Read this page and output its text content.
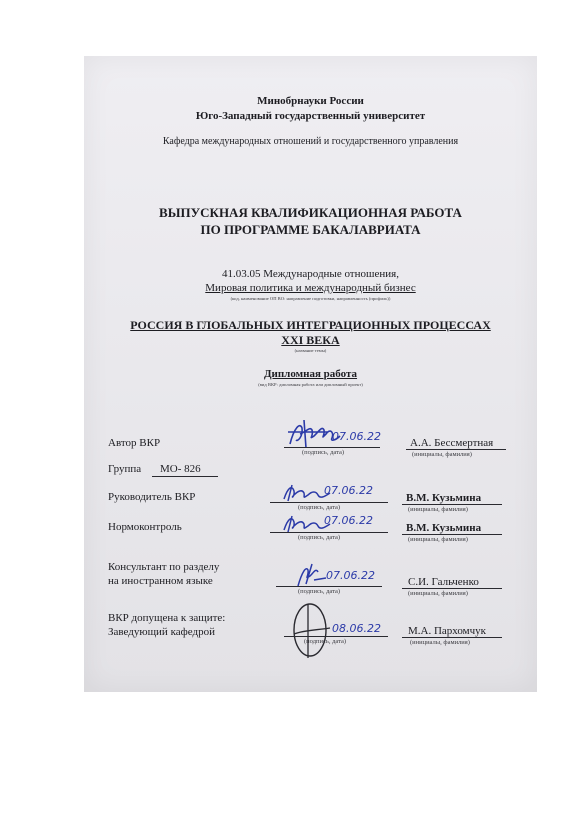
Минобрнауки России
Юго-Западный государственный университет
Кафедра международных отношений и государственного управления
ВЫПУСКНАЯ КВАЛИФИКАЦИОННАЯ РАБОТА
ПО ПРОГРАММЕ БАКАЛАВРИАТА
41.03.05 Международные отношения,
Мировая политика и международный бизнес
(код, наименование ОП ВО: направление подготовки, направленность (профиль))
РОССИЯ В ГЛОБАЛЬНЫХ ИНТЕГРАЦИОННЫХ ПРОЦЕССАХ
XXI ВЕКА
(название темы)
Дипломная работа
(вид ВКР: дипломная работа или дипломный проект)
Автор ВКР	07.06.22
(подпись, дата)
А.А. Бессмертная
(инициалы, фамилия)
Группа МО- 826
Руководитель ВКР	07.06.22
(подпись, дата)
В.М. Кузьмина
(инициалы, фамилия)
Нормоконтроль	07.06.22
(подпись, дата)
В.М. Кузьмина
(инициалы, фамилия)
Консультант по разделу
на иностранном языке	07.06.22
(подпись, дата)
С.И. Гальченко
(инициалы, фамилия)
ВКР допущена к защите:
Заведующий кафедрой	08.06.22
(подпись, дата)
М.А. Пархомчук
(инициалы, фамилия)
